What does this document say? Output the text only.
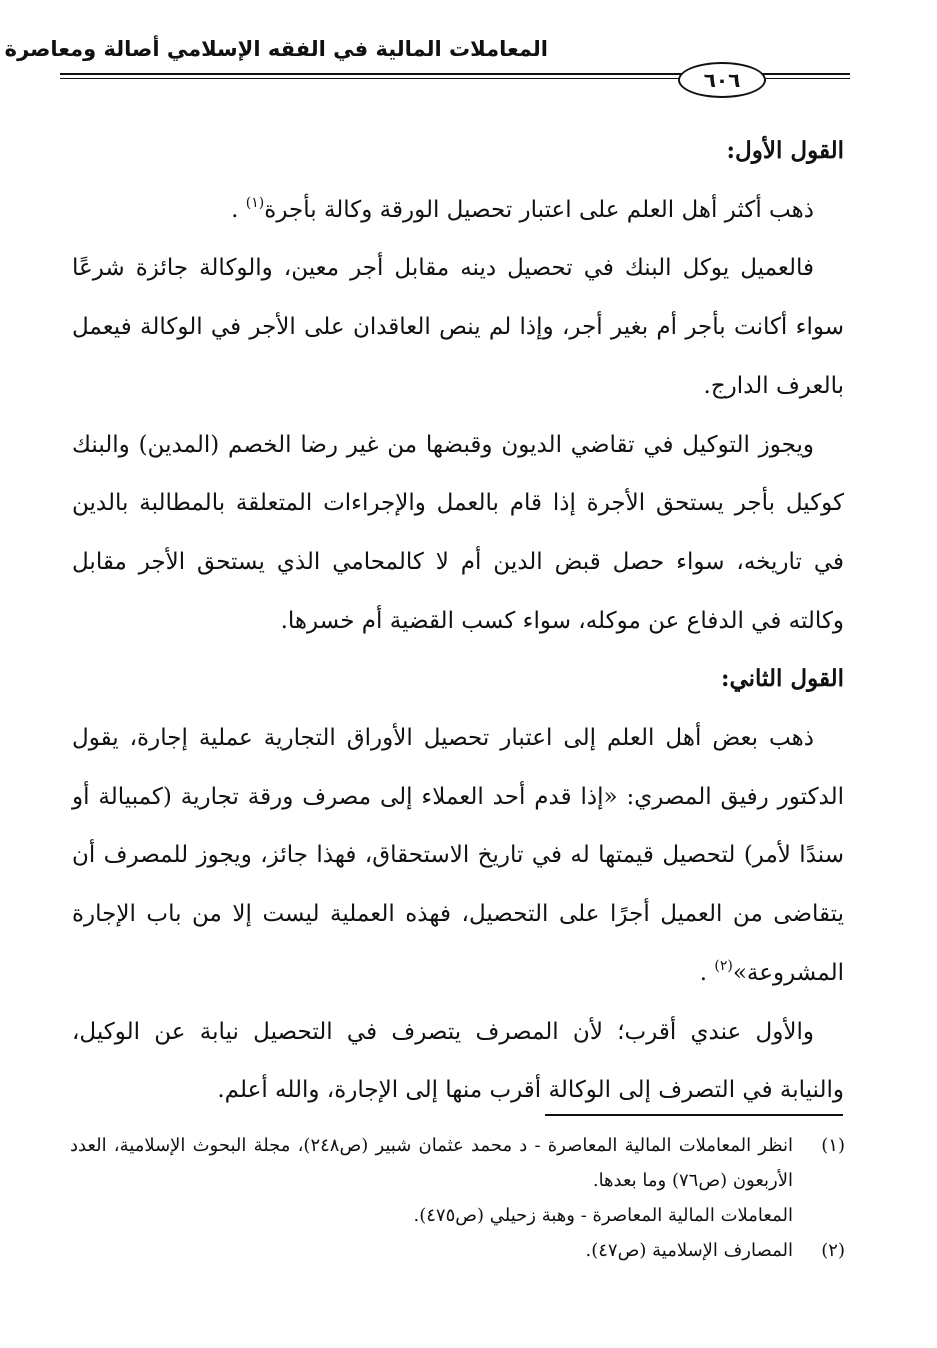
المعاملات المالية في الفقه الإسلامي أصالة ومعاصرة
٦٠٦

القول الأول:

ذهب أكثر أهل العلم على اعتبار تحصيل الورقة وكالة بأجرة$^{(١)}$ .

فالعميل يوكل البنك في تحصيل دينه مقابل أجر معين، والوكالة جائزة شرعًا سواء أكانت بأجر أم بغير أجر، وإذا لم ينص العاقدان على الأجر في الوكالة فيعمل بالعرف الدارج.

ويجوز التوكيل في تقاضي الديون وقبضها من غير رضا الخصم (المدين) والبنك كوكيل بأجر يستحق الأجرة إذا قام بالعمل والإجراءات المتعلقة بالمطالبة بالدين في تاريخه، سواء حصل قبض الدين أم لا كالمحامي الذي يستحق الأجر مقابل وكالته في الدفاع عن موكله، سواء كسب القضية أم خسرها.

القول الثاني:

ذهب بعض أهل العلم إلى اعتبار تحصيل الأوراق التجارية عملية إجارة، يقول الدكتور رفيق المصري: «إذا قدم أحد العملاء إلى مصرف ورقة تجارية (كمبيالة أو سندًا لأمر) لتحصيل قيمتها له في تاريخ الاستحقاق، فهذا جائز، ويجوز للمصرف أن يتقاضى من العميل أجرًا على التحصيل، فهذه العملية ليست إلا من باب الإجارة المشروعة»$^{(٢)}$ .

والأول عندي أقرب؛ لأن المصرف يتصرف في التحصيل نيابة عن الوكيل، والنيابة في التصرف إلى الوكالة أقرب منها إلى الإجارة، والله أعلم.

(١)
انظر المعاملات المالية المعاصرة - د محمد عثمان شبير (ص٢٤٨)، مجلة البحوث الإسلامية، العدد الأربعون (ص٧٦) وما بعدها.

المعاملات المالية المعاصرة - وهبة زحيلي (ص٤٧٥).

(٢)
المصارف الإسلامية (ص٤٧).
